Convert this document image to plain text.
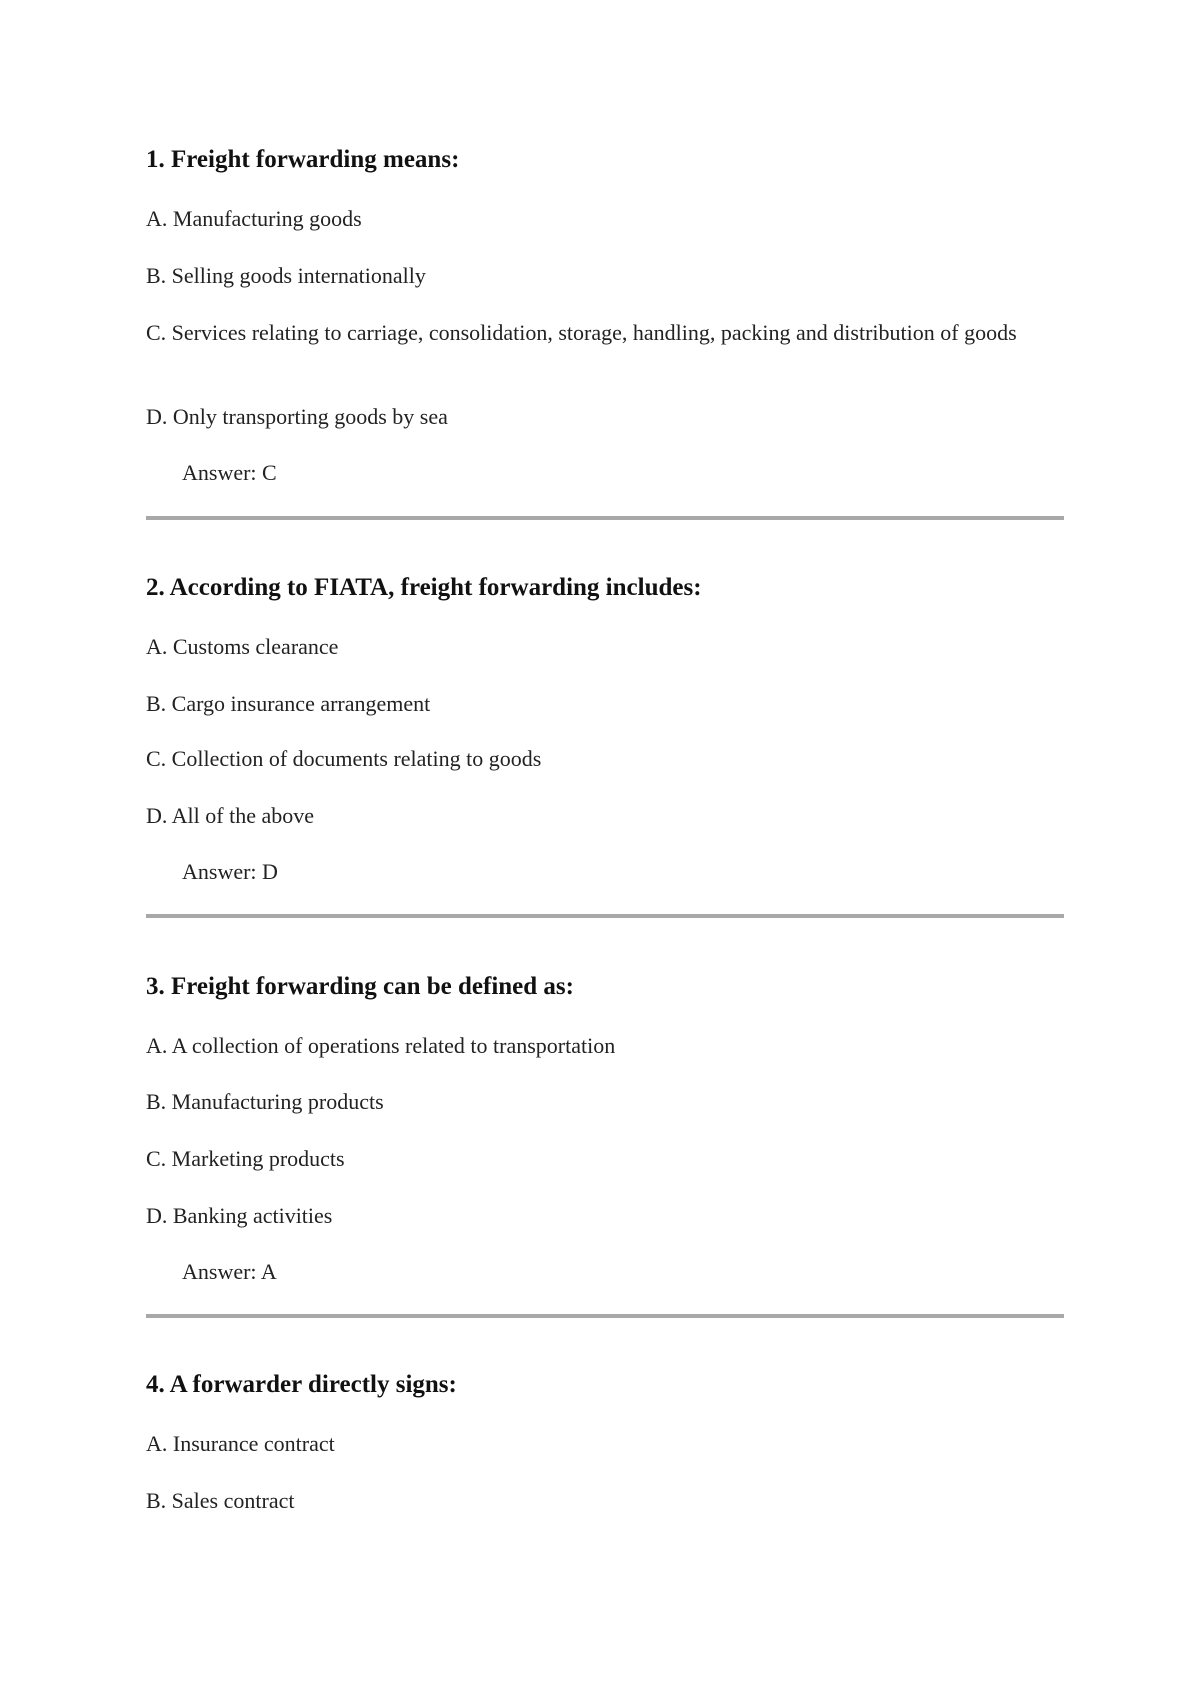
1. Freight forwarding means:

A. Manufacturing goods

B. Selling goods internationally

C. Services relating to carriage, consolidation, storage, handling, packing and distribution of goods

D. Only transporting goods by sea

Answer: C

2. According to FIATA, freight forwarding includes:

A. Customs clearance

B. Cargo insurance arrangement

C. Collection of documents relating to goods

D. All of the above

Answer: D

3. Freight forwarding can be defined as:

A. A collection of operations related to transportation

B. Manufacturing products

C. Marketing products

D. Banking activities

Answer: A

4. A forwarder directly signs:

A. Insurance contract

B. Sales contract
